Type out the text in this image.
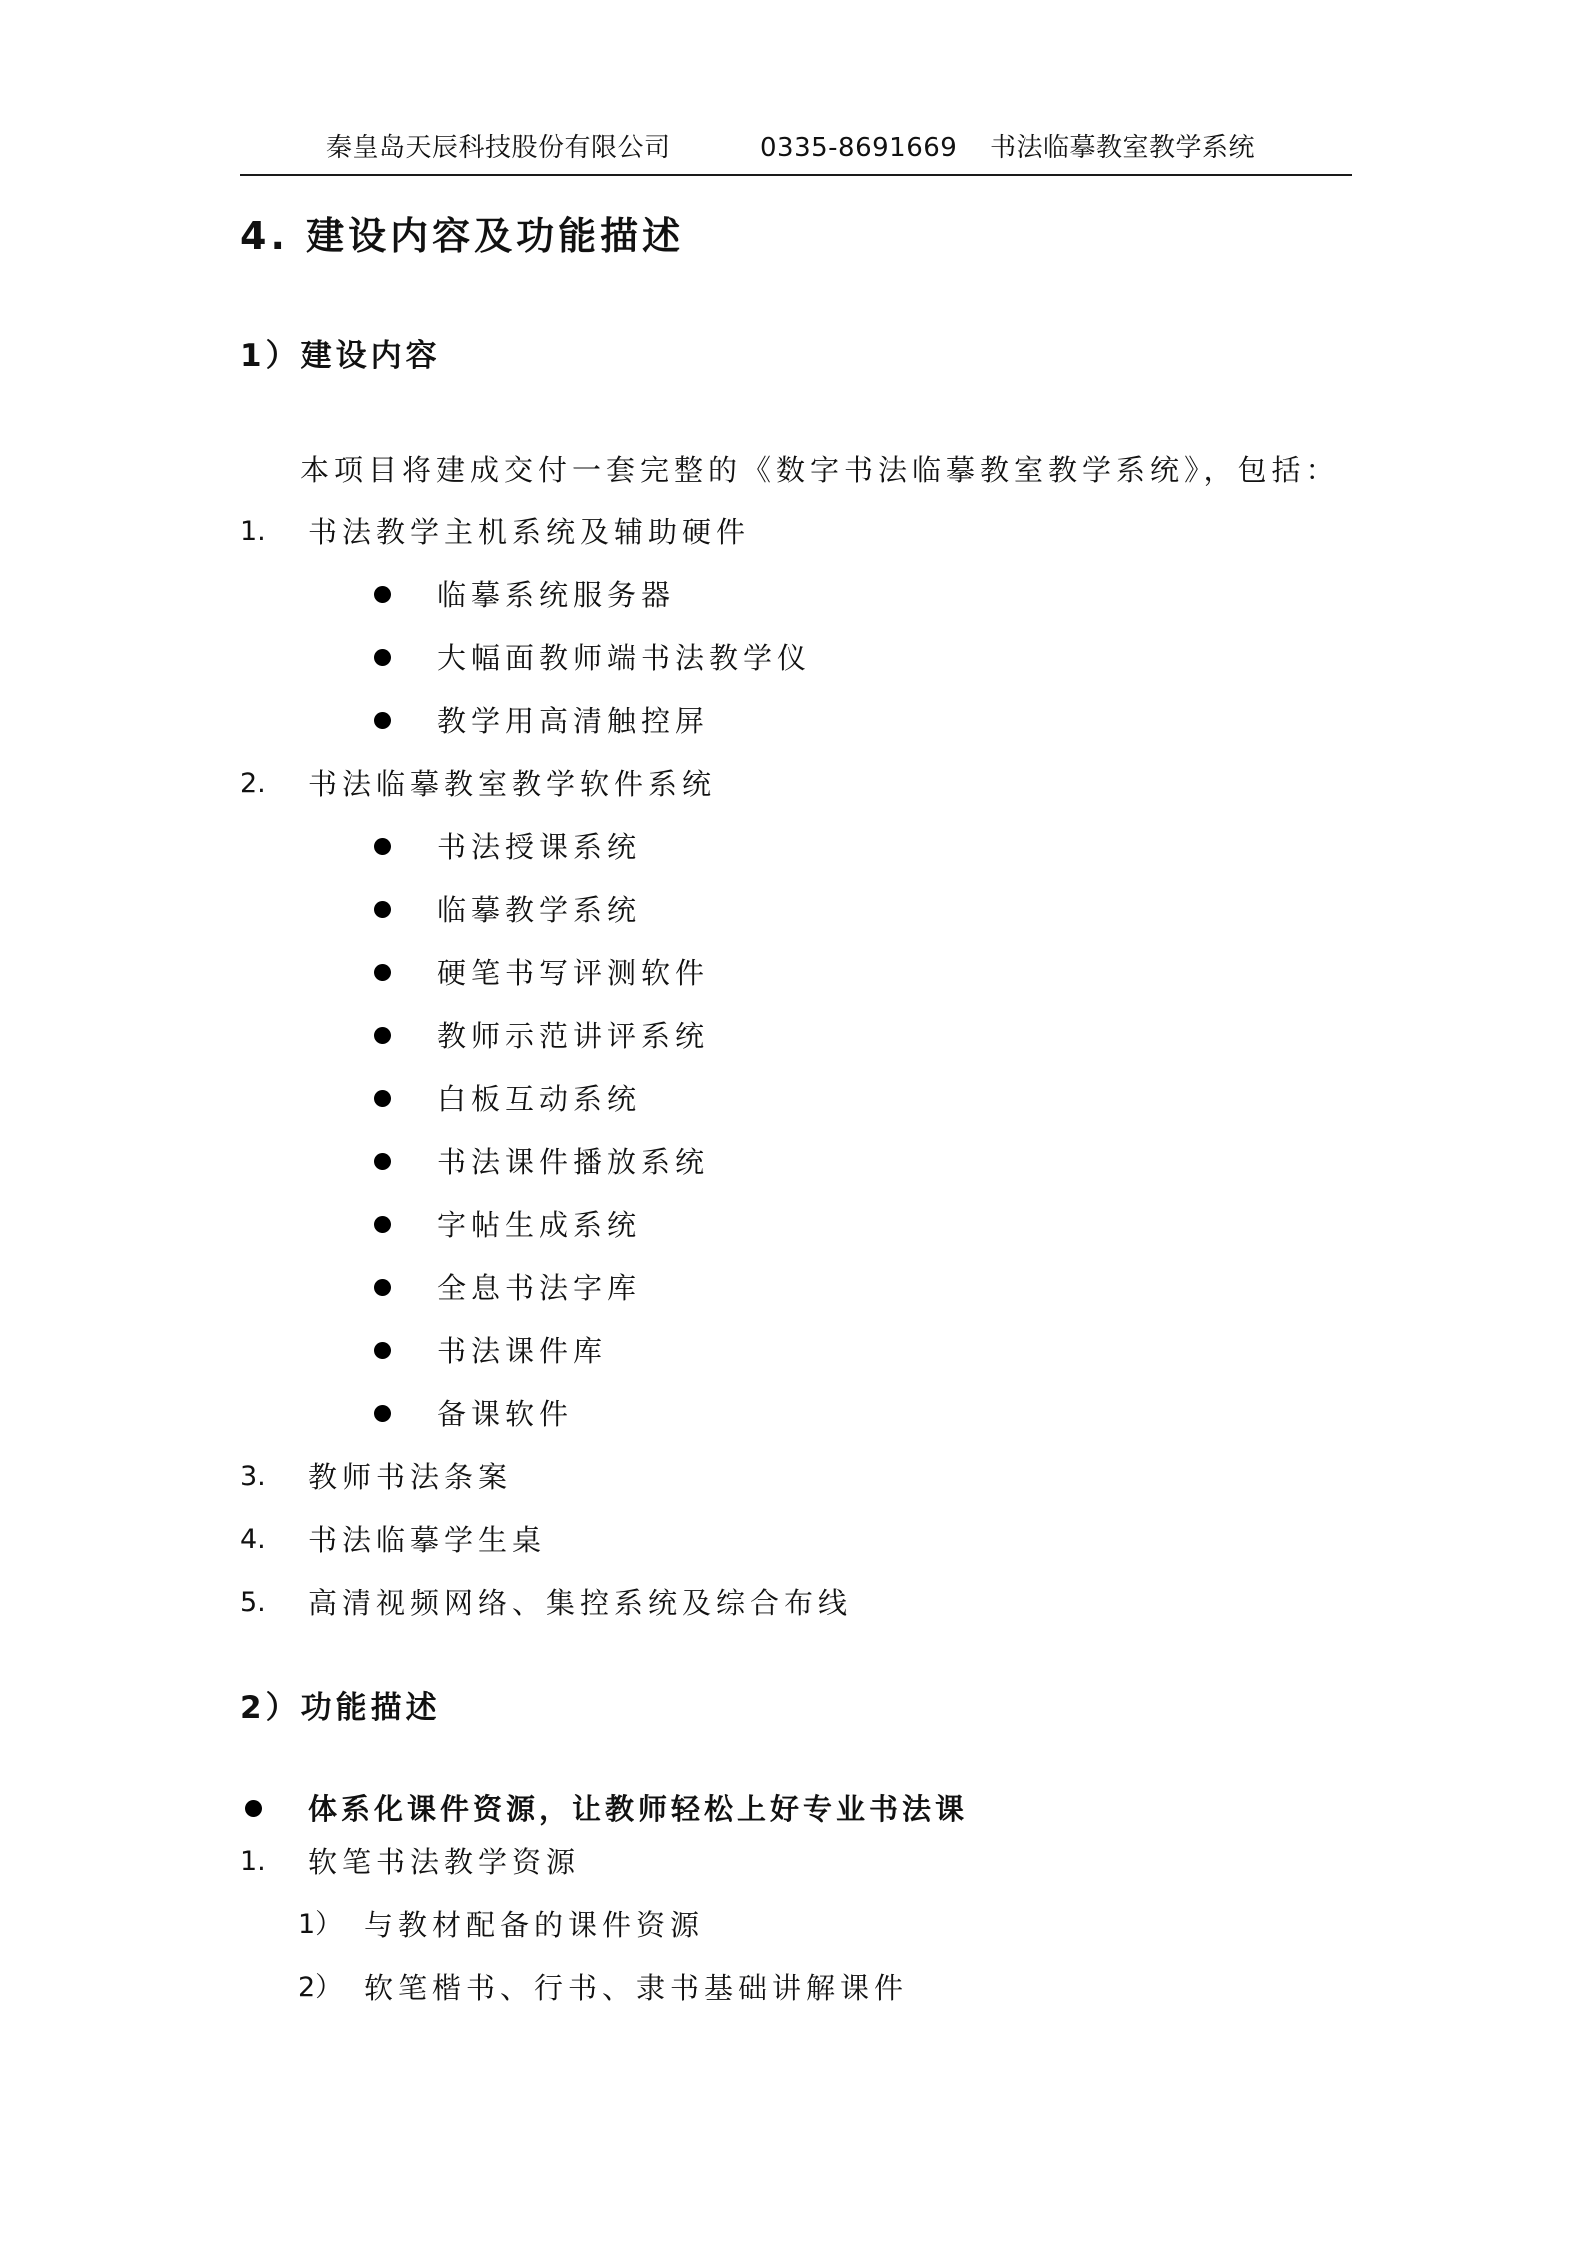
秦皇岛天辰科技股份有限公司	0335-8691669 书法临摹教室教学系统
4. 建设内容及功能描述
1）建设内容
本项目将建成交付一套完整的《数字书法临摹教室教学系统》，包括：
1. 书法教学主机系统及辅助硬件
临摹系统服务器
大幅面教师端书法教学仪
教学用高清触控屏
2. 书法临摹教室教学软件系统
书法授课系统
临摹教学系统
硬笔书写评测软件
教师示范讲评系统
白板互动系统
书法课件播放系统
字帖生成系统
全息书法字库
书法课件库
备课软件
3. 教师书法条案
4. 书法临摹学生桌
5. 高清视频网络、集控系统及综合布线
2）功能描述
体系化课件资源，让教师轻松上好专业书法课
1. 软笔书法教学资源
1） 与教材配备的课件资源
2） 软笔楷书、行书、隶书基础讲解课件
